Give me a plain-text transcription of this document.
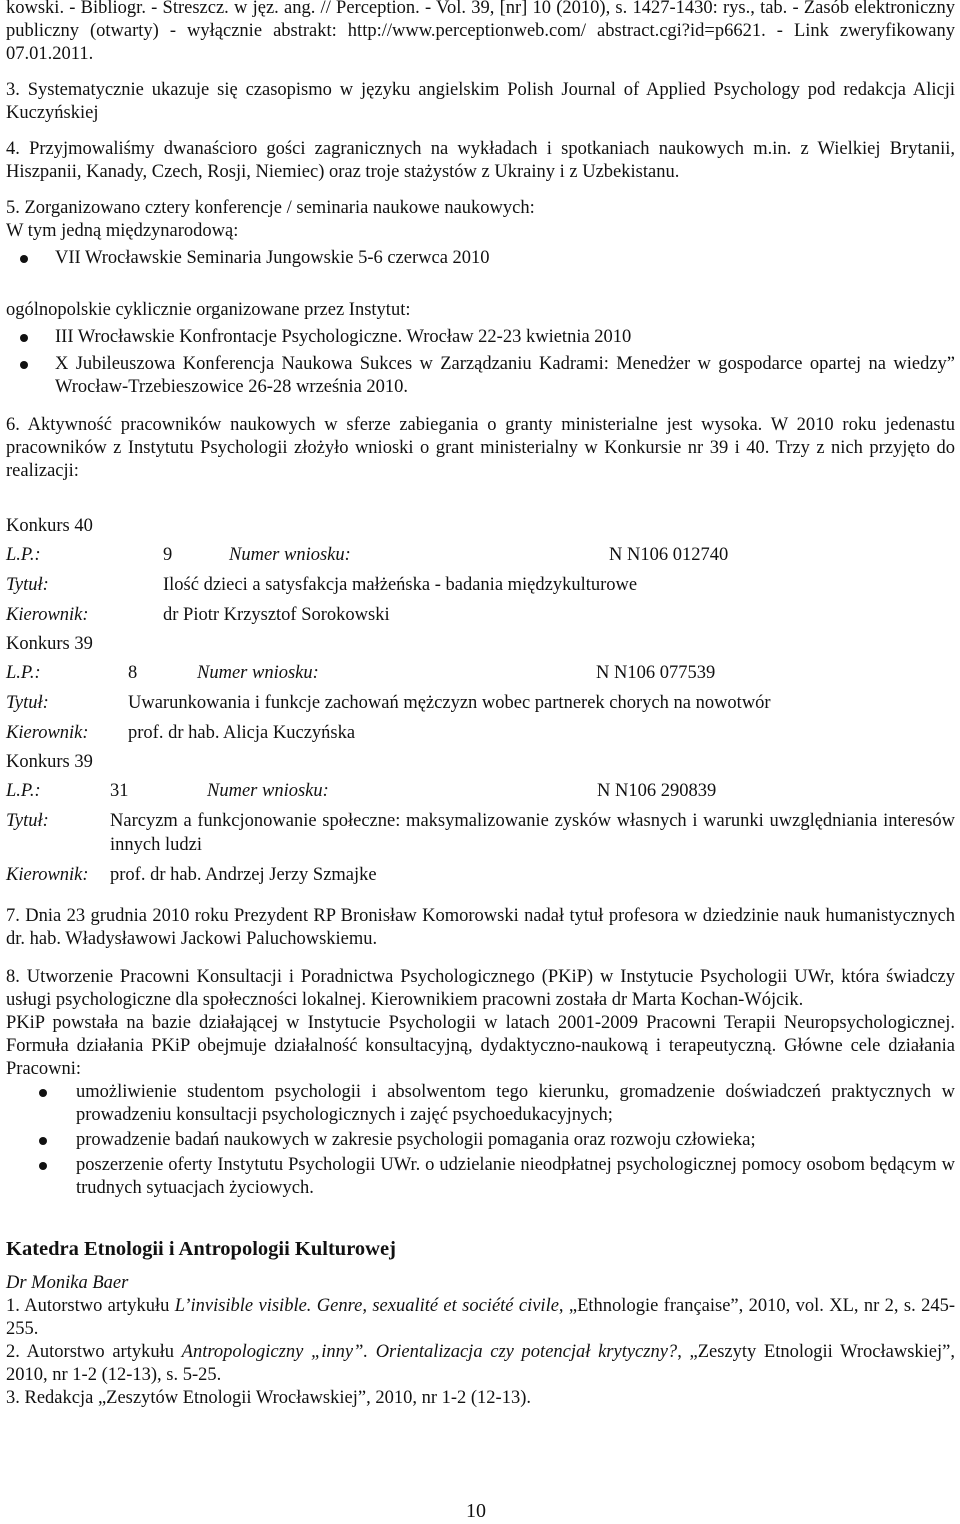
kowski. - Bibliogr. - Streszcz. w jęz. ang. // Perception. - Vol. 39, [nr] 10 (2010), s. 1427-1430: rys., tab. - Zasób elektroniczny publiczny (otwarty) - wyłącznie abstrakt: http://www.perceptionweb.com/ abstract.cgi?id=p6621. - Link zweryfikowany 07.01.2011.

3. Systematycznie ukazuje się czasopismo w języku angielskim Polish Journal of Applied Psychology pod redakcja Alicji Kuczyńskiej

4. Przyjmowaliśmy dwanaścioro gości zagranicznych na wykładach i spotkaniach naukowych m.in. z Wielkiej Brytanii, Hiszpanii, Kanady, Czech, Rosji, Niemiec) oraz troje stażystów z Ukrainy i z Uzbekistanu.

5. Zorganizowano cztery konferencje / seminaria naukowe naukowych:

W tym jedną międzynarodową:

VII Wrocławskie Seminaria Jungowskie 5-6 czerwca 2010

ogólnopolskie cyklicznie organizowane przez Instytut:

III Wrocławskie Konfrontacje Psychologiczne. Wrocław 22-23 kwietnia 2010
X Jubileuszowa Konferencja Naukowa Sukces w Zarządzaniu Kadrami: Menedżer w gospodarce opartej na wiedzy” Wrocław-Trzebieszowice 26-28 września 2010.

6. Aktywność pracowników naukowych w sferze zabiegania o granty ministerialne jest wysoka. W 2010 roku jedenastu pracowników z Instytutu Psychologii złożyło wnioski o grant ministerialny w Konkursie nr 39 i 40. Trzy z nich przyjęto do realizacji:

Konkurs 40

L.P.:	9	Numer wniosku:	N N106 012740
Tytuł:	Ilość dzieci a satysfakcja małżeńska - badania międzykulturowe
Kierownik:	dr Piotr Krzysztof Sorokowski

Konkurs 39

L.P.:	8	Numer wniosku:	N N106 077539
Tytuł:	Uwarunkowania i funkcje zachowań mężczyzn wobec partnerek chorych na nowotwór
Kierownik:	prof. dr hab. Alicja Kuczyńska

Konkurs 39

L.P.:	31	Numer wniosku:	N N106 290839
Tytuł:	Narcyzm a funkcjonowanie społeczne: maksymalizowanie zysków własnych i warunki uwzględniania interesów innych ludzi
Kierownik:	prof. dr hab. Andrzej Jerzy Szmajke

7. Dnia 23 grudnia 2010 roku Prezydent RP Bronisław Komorowski nadał tytuł profesora w dziedzinie nauk humanistycznych dr. hab. Władysławowi Jackowi Paluchowskiemu.

8. Utworzenie Pracowni Konsultacji i Poradnictwa Psychologicznego (PKiP) w Instytucie Psychologii UWr, która świadczy usługi psychologiczne dla społeczności lokalnej. Kierownikiem pracowni została dr Marta Kochan-Wójcik.

PKiP powstała na bazie działającej w Instytucie Psychologii w latach 2001-2009 Pracowni Terapii Neuropsychologicznej. Formuła działania PKiP obejmuje działalność konsultacyjną, dydaktyczno-naukową i terapeutyczną. Główne cele działania Pracowni:

umożliwienie studentom psychologii i absolwentom tego kierunku, gromadzenie doświadczeń praktycznych w prowadzeniu konsultacji psychologicznych i zajęć psychoedukacyjnych;
prowadzenie badań naukowych w zakresie psychologii pomagania oraz rozwoju człowieka;
poszerzenie oferty Instytutu Psychologii UWr. o udzielanie nieodpłatnej psychologicznej pomocy osobom będącym w trudnych sytuacjach życiowych.
Katedra Etnologii i Antropologii Kulturowej

Dr Monika Baer

1. Autorstwo artykułu L’invisible visible. Genre, sexualité et société civile, „Ethnologie française”, 2010, vol. XL, nr 2, s. 245-255.

2. Autorstwo artykułu Antropologiczny „inny”. Orientalizacja czy potencjał krytyczny?, „Zeszyty Etnologii Wrocławskiej”, 2010, nr 1-2 (12-13), s. 5-25.

3. Redakcja „Zeszytów Etnologii Wrocławskiej”, 2010, nr 1-2 (12-13).

10
